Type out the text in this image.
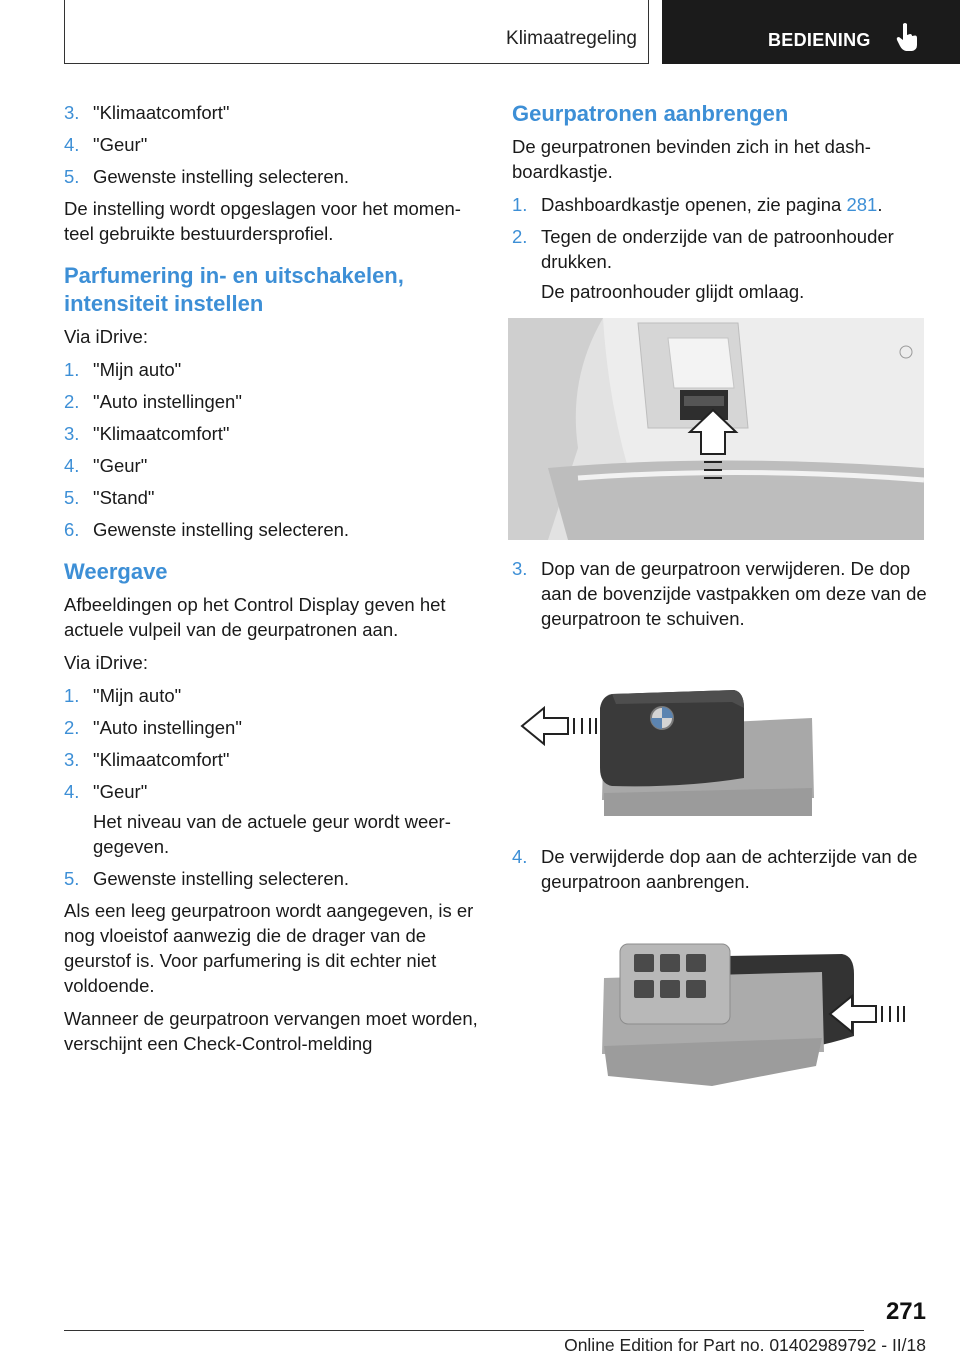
Klimaatregeling	BEDIENING
3. "Klimaatcomfort"
4. "Geur"
5. Gewenste instelling selecteren.

De instelling wordt opgeslagen voor het momenteel gebruikte bestuurdersprofiel.

Parfumering in- en uitschakelen, intensiteit instellen

Via iDrive:

1. "Mijn auto"
2. "Auto instellingen"
3. "Klimaatcomfort"
4. "Geur"
5. "Stand"
6. Gewenste instelling selecteren.
Weergave

Afbeeldingen op het Control Display geven het actuele vulpeil van de geurpatronen aan.

Via iDrive:

1. "Mijn auto"
2. "Auto instellingen"
3. "Klimaatcomfort"
4. "Geur"
Het niveau van de actuele geur wordt weergegeven.
5. Gewenste instelling selecteren.

Als een leeg geurpatroon wordt aangegeven, is er nog vloeistof aanwezig die de drager van de geurstof is. Voor parfumering is dit echter niet voldoende.

Wanneer de geurpatroon vervangen moet worden, verschijnt een Check-Control-melding

Geurpatronen aanbrengen

De geurpatronen bevinden zich in het dashboardkastje.

1. Dashboardkastje openen, zie pagina 281.
2. Tegen de onderzijde van de patroonhouder drukken.
De patroonhouder glijdt omlaag.
3. Dop van de geurpatroon verwijderen. De dop aan de bovenzijde vastpakken om deze van de geurpatroon te schuiven.
4. De verwijderde dop aan de achterzijde van de geurpatroon aanbrengen.
271
Online Edition for Part no. 01402989792 - II/18
